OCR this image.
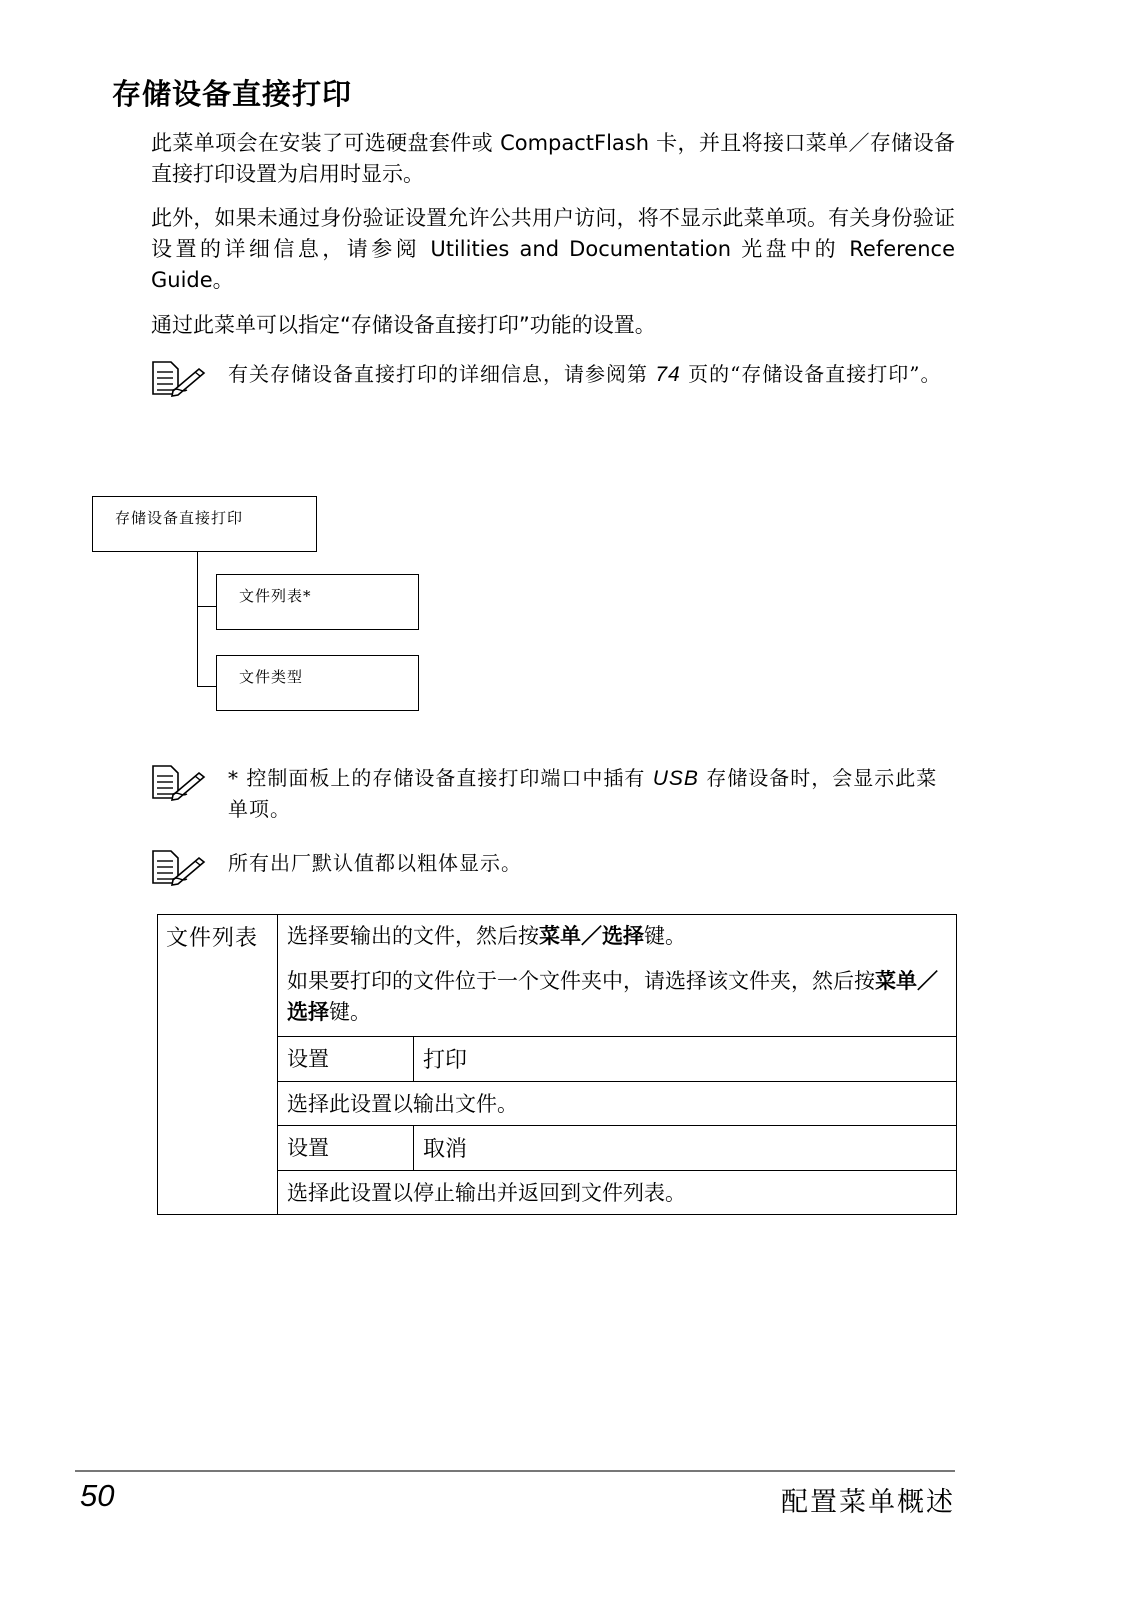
存储设备直接打印
此菜单项会在安装了可选硬盘套件或 CompactFlash 卡，并且将接口菜单／存储设备直接打印设置为启用时显示。
此外，如果未通过身份验证设置允许公共用户访问，将不显示此菜单项。有关身份验证设置的详细信息，请参阅 Utilities and Documentation 光盘中的 Reference Guide。
通过此菜单可以指定“存储设备直接打印”功能的设置。
有关存储设备直接打印的详细信息，请参阅第 74 页的“存储设备直接打印”。
存储设备直接打印
文件列表*
文件类型
* 控制面板上的存储设备直接打印端口中插有 USB 存储设备时，会显示此菜单项。
所有出厂默认值都以粗体显示。
文件列表	选择要输出的文件，然后按菜单／选择键。

如果要打印的文件位于一个文件夹中，请选择该文件夹，然后按菜单／选择键。

设置	打印
选择此设置以输出文件。
设置	取消
选择此设置以停止输出并返回到文件列表。
50	配置菜单概述
